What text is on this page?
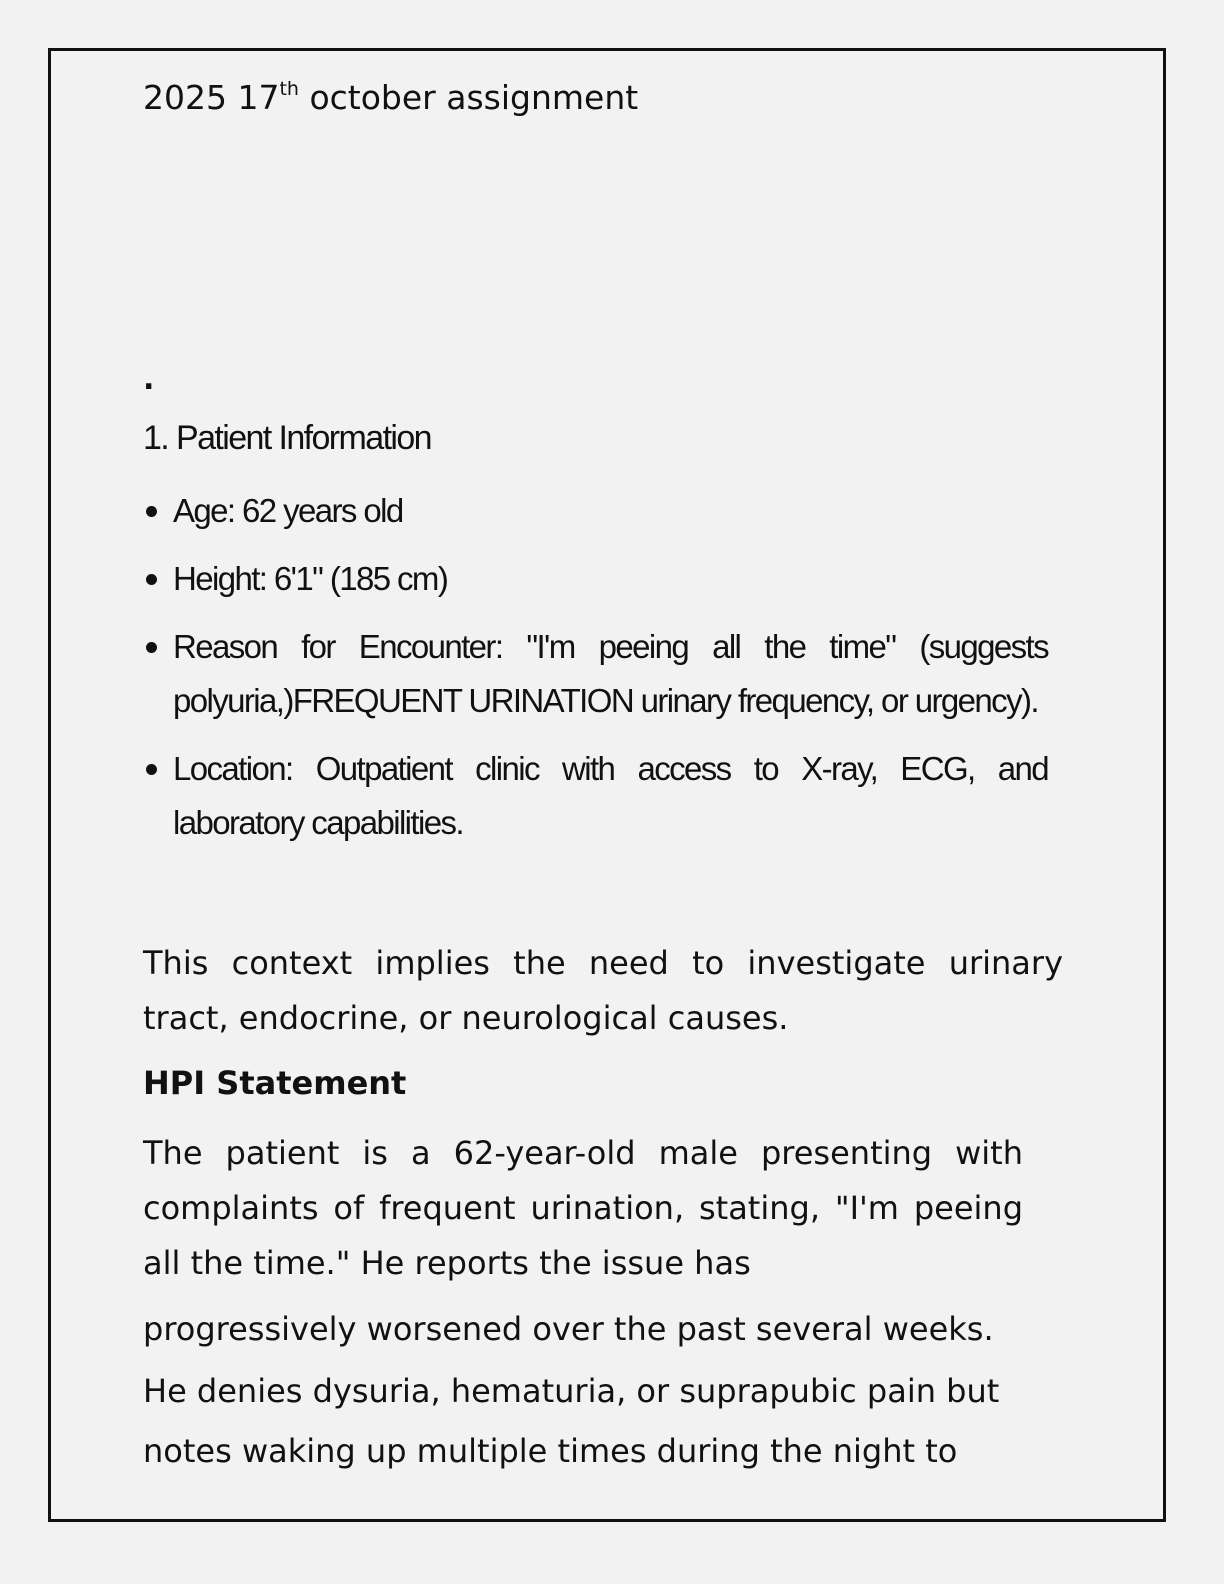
2025 17th october assignment

.

1. Patient Information

Age: 62 years old
Height: 6'1" (185 cm)
Reason for Encounter: "I'm peeing all the time" (suggests polyuria,)FREQUENT URINATION urinary frequency, or urgency).
Location: Outpatient clinic with access to X-ray, ECG, and laboratory capabilities.

This context implies the need to investigate urinary tract, endocrine, or neurological causes.

HPI Statement

The patient is a 62-year-old male presenting with complaints of frequent urination, stating, "I'm peeing all the time." He reports the issue has

progressively worsened over the past several weeks.

He denies dysuria, hematuria, or suprapubic pain but

notes waking up multiple times during the night to
